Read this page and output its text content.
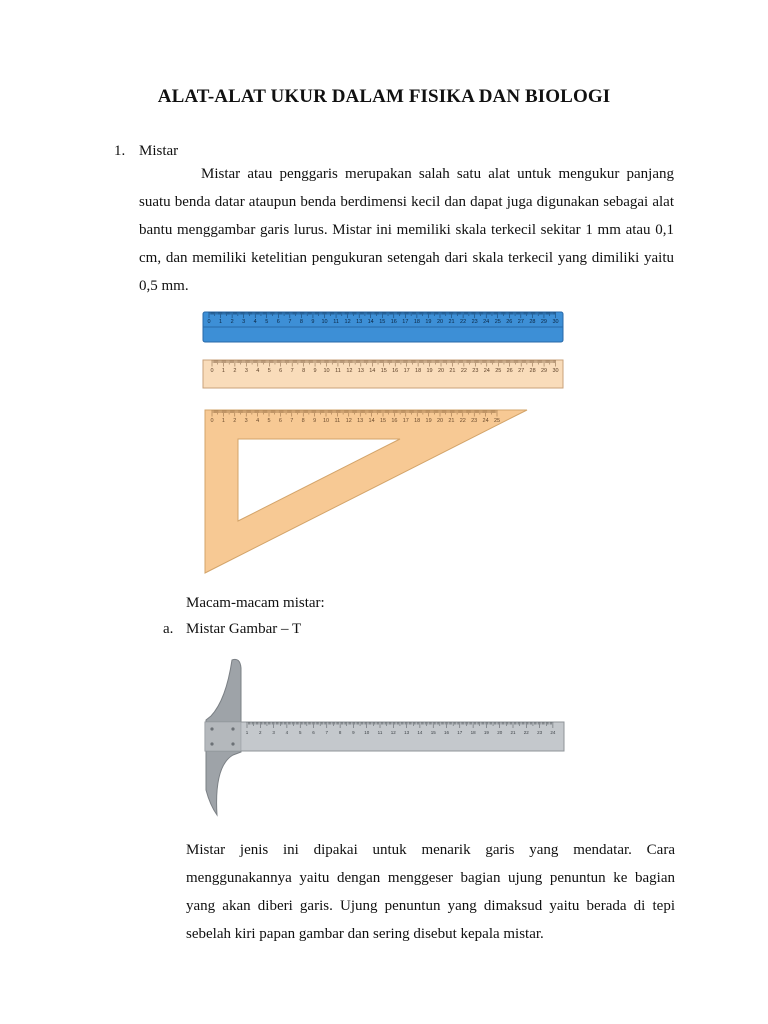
ALAT-ALAT UKUR DALAM FISIKA DAN BIOLOGI
1. Mistar
Mistar atau penggaris merupakan salah satu alat untuk mengukur panjang suatu benda datar ataupun benda berdimensi kecil dan dapat juga digunakan sebagai alat bantu menggambar garis lurus. Mistar ini memiliki skala terkecil sekitar 1 mm atau 0,1 cm, dan memiliki ketelitian pengukuran setengah dari skala terkecil yang dimiliki yaitu 0,5 mm.
0 1 2 3 4 5 6 7 8 9 10 11 12 13 14 15 16 17 18 19 20 21 22 23 24 25 26 27 28 29 30
0 1 2 3 4 5 6 7 8 9 10 11 12 13 14 15 16 17 18 19 20 21 22 23 24 25 26 27 28 29 30
0 1 2 3 4 5 6 7 8 9 10 11 12 13 14 15 16 17 18 19 20 21 22 23 24 25
1 2 3 4 5 6 7 8 9 10 11 12 13 14 15 16 17 18 19 20 21 22 23 24
Macam-macam mistar:
a. Mistar Gambar – T
Mistar jenis ini dipakai untuk menarik garis yang mendatar. Cara menggunakannya yaitu dengan menggeser bagian ujung penuntun ke bagian yang akan diberi garis. Ujung penuntun yang dimaksud yaitu berada di tepi sebelah kiri papan gambar dan sering disebut kepala mistar.
